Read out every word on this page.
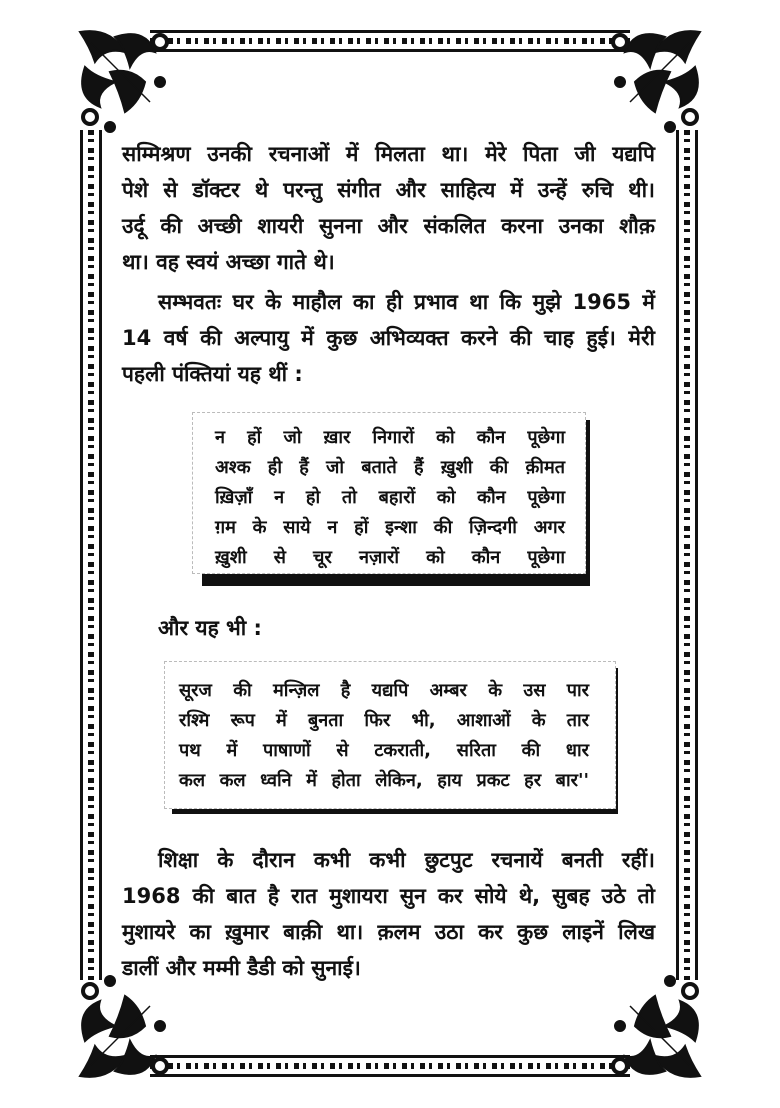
सम्मिश्रण उनकी रचनाओं में मिलता था। मेरे पिता जी यद्यपि
पेशे से डॉक्टर थे परन्तु संगीत और साहित्य में उन्हें रुचि थी।
उर्दू की अच्छी शायरी सुनना और संकलित करना उनका शौक़
था। वह स्वयं अच्छा गाते थे।
सम्भवतः घर के माहौल का ही प्रभाव था कि मुझे 1965 में
14 वर्ष की अल्पायु में कुछ अभिव्यक्त करने की चाह हुई। मेरी
पहली पंक्तियां यह थीं :
न हों जो ख़ार निगारों को कौन पूछेगा
अश्क ही हैं जो बताते हैं ख़ुशी की क़ीमत
ख़िज़ाँ न हो तो बहारों को कौन पूछेगा
ग़म के साये न हों इन्शा की ज़िन्दगी अगर
ख़ुशी से चूर नज़ारों को कौन पूछेगा
और यह भी :
सूरज की मन्ज़िल है यद्यपि अम्बर के उस पार
रश्मि रूप में बुनता फिर भी, आशाओं के तार
पथ में पाषाणों से टकराती, सरिता की धार
कल कल ध्वनि में होता लेकिन, हाय प्रकट हर बार''
शिक्षा के दौरान कभी कभी छुटपुट रचनायें बनती रहीं।
1968 की बात है रात मुशायरा सुन कर सोये थे, सुबह उठे तो
मुशायरे का ख़ुमार बाक़ी था। क़लम उठा कर कुछ लाइनें लिख
डालीं और मम्मी डैडी को सुनाई।
